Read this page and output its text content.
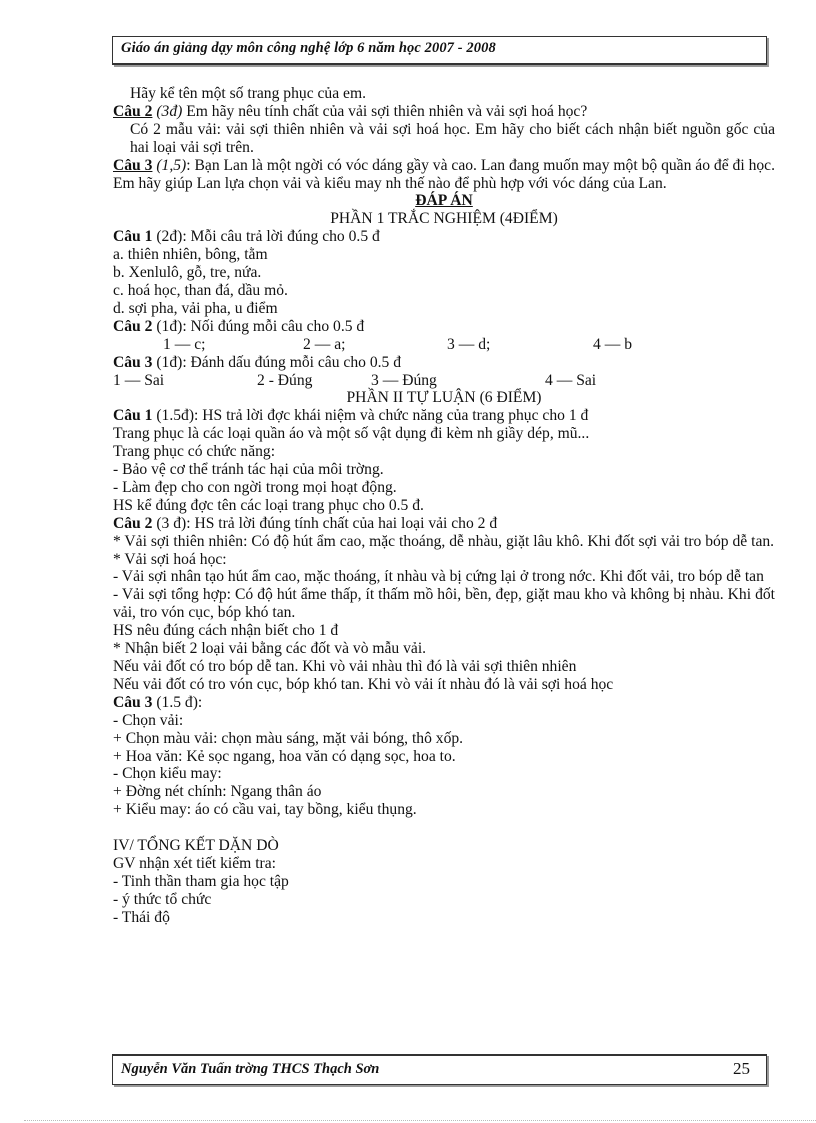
Giáo án giảng dạy môn công nghệ lớp 6 năm học 2007 - 2008
Hãy kể tên một số trang phục của em.
Câu 2 (3đ) Em hãy nêu tính chất của vải sợi thiên nhiên và vải sợi hoá học?
Có 2 mẫu vải: vải sợi thiên nhiên và vải sợi hoá học. Em hãy cho biết cách nhận biết nguồn gốc của hai loại vải sợi trên.
Câu 3 (1,5): Bạn Lan là một ngời có vóc dáng gầy và cao. Lan đang muốn may một bộ quần áo để đi học. Em hãy giúp Lan lựa chọn vải và kiểu may nh thế nào để phù hợp với vóc dáng của Lan.
ĐÁP ÁN
PHẦN 1 TRẮC NGHIỆM (4ĐIỂM)
Câu 1 (2đ): Mỗi câu trả lời đúng cho 0.5 đ
a. thiên nhiên, bông, tằm
b. Xenlulô, gỗ, tre, nứa.
c. hoá học, than đá, dầu mỏ.
d. sợi pha, vải pha, u điểm
Câu 2 (1đ): Nối đúng mỗi câu cho 0.5 đ
1 — c;	2 — a;	3 — d;	4 — b
Câu 3 (1đ): Đánh dấu đúng mỗi câu cho 0.5 đ
1 — Sai	2 - Đúng	3 — Đúng	4 — Sai
PHẦN II TỰ LUẬN (6 ĐIỂM)
Câu 1 (1.5đ): HS trả lời đợc khái niệm và chức năng của trang phục cho 1 đ
Trang phục là các loại quần áo và một số vật dụng đi kèm nh giầy dép, mũ...
Trang phục có chức năng:
- Bảo vệ cơ thể tránh tác hại của môi trờng.
- Làm đẹp cho con ngời trong mọi hoạt động.
HS kể đúng đợc tên các loại trang phục cho 0.5 đ.
Câu 2 (3 đ): HS trả lời đúng tính chất của hai loại vải cho 2 đ
* Vải sợi thiên nhiên: Có độ hút ẩm cao, mặc thoáng, dễ nhàu, giặt lâu khô. Khi đốt sợi vải tro bóp dễ tan.
* Vải sợi hoá học:
- Vải sợi nhân tạo hút ẩm cao, mặc thoáng, ít nhàu và bị cứng lại ở trong nớc. Khi đốt vải, tro bóp dễ tan
- Vải sợi tổng hợp: Có độ hút ẩme thấp, ít thấm mồ hôi, bền, đẹp, giặt mau kho và không bị nhàu. Khi đốt vải, tro vón cục, bóp khó tan.
HS nêu đúng cách nhận biết cho 1 đ
* Nhận biết 2 loại vải bằng các đốt và vò mẫu vải.
Nếu vải đốt có tro bóp dễ tan. Khi vò vải nhàu thì đó là vải sợi thiên nhiên
Nếu vải đốt có tro vón cục, bóp khó tan. Khi vò vải ít nhàu đó là vải sợi hoá học
Câu 3 (1.5 đ):
- Chọn vải:
+ Chọn màu vải: chọn màu sáng, mặt vải bóng, thô xốp.
+ Hoa văn: Kẻ sọc ngang, hoa văn có dạng sọc, hoa to.
- Chọn kiểu may:
+ Đờng nét chính: Ngang thân áo
+ Kiểu may: áo có cầu vai, tay bồng, kiểu thụng.
IV/ TỔNG KẾT DẶN DÒ
GV nhận xét tiết kiểm tra:
- Tinh thần tham gia học tập
- ý thức tổ chức
- Thái độ
Nguyễn Văn Tuấn trờng THCS Thạch Sơn	25
